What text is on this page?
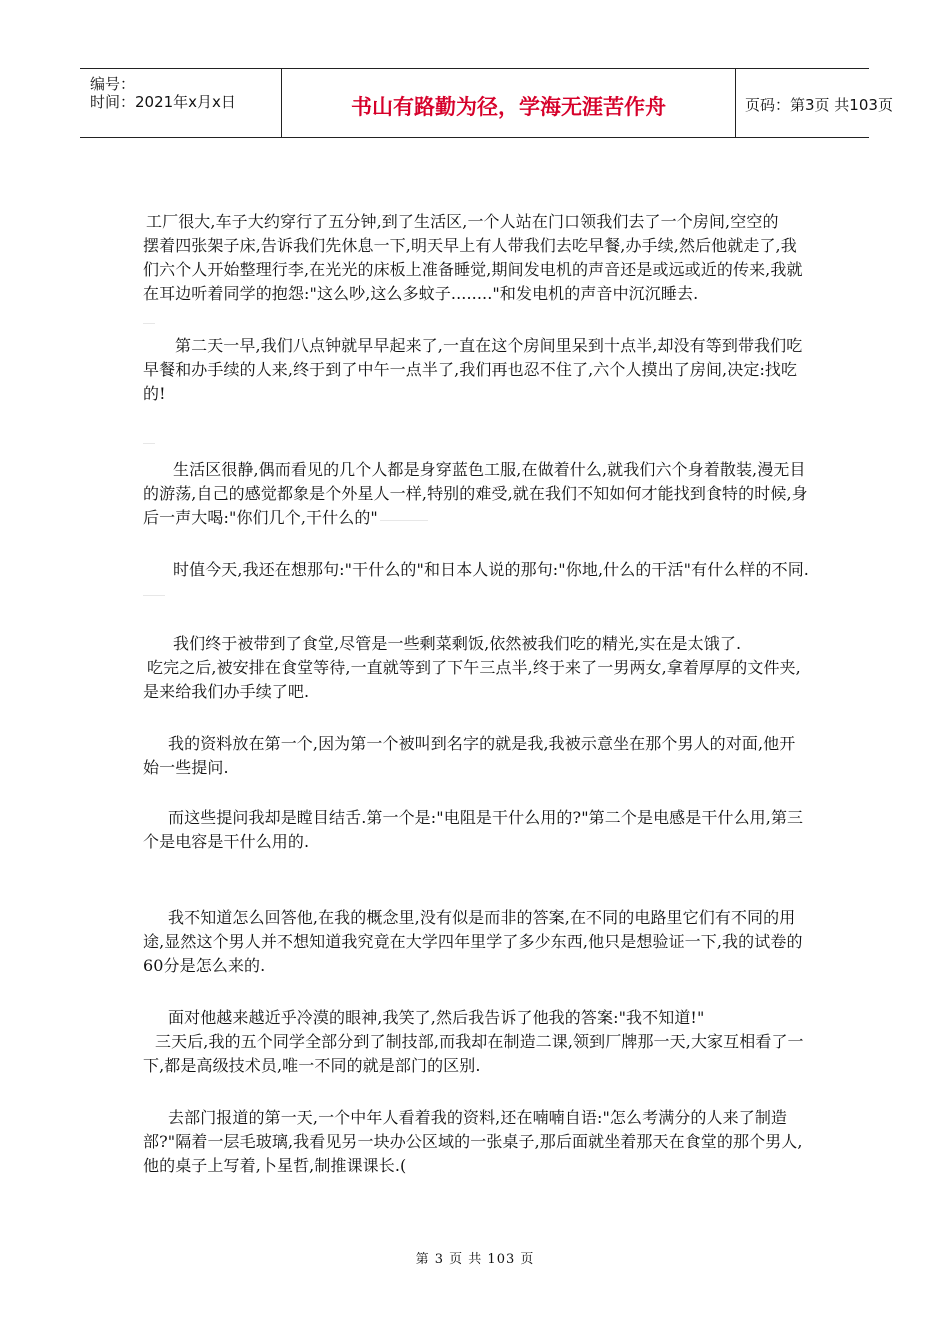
编号：
时间：2021年x月x日	书山有路勤为径，学海无涯苦作舟	页码：第3页 共103页
工厂很大,车子大约穿行了五分钟,到了生活区,一个人站在门口领我们去了一个房间,空空的
摆着四张架子床,告诉我们先休息一下,明天早上有人带我们去吃早餐,办手续,然后他就走了,我
们六个人开始整理行李,在光光的床板上准备睡觉,期间发电机的声音还是或远或近的传来,我就
在耳边听着同学的抱怨:"这么吵,这么多蚊子........"和发电机的声音中沉沉睡去.
第二天一早,我们八点钟就早早起来了,一直在这个房间里呆到十点半,却没有等到带我们吃
早餐和办手续的人来,终于到了中午一点半了,我们再也忍不住了,六个人摸出了房间,决定:找吃
的!
生活区很静,偶而看见的几个人都是身穿蓝色工服,在做着什么,就我们六个身着散装,漫无目
的游荡,自己的感觉都象是个外星人一样,特别的难受,就在我们不知如何才能找到食特的时候,身
后一声大喝:"你们几个,干什么的"
时值今天,我还在想那句:"干什么的"和日本人说的那句:"你地,什么的干活"有什么样的不同.
我们终于被带到了食堂,尽管是一些剩菜剩饭,依然被我们吃的精光,实在是太饿了.
吃完之后,被安排在食堂等待,一直就等到了下午三点半,终于来了一男两女,拿着厚厚的文件夹,
是来给我们办手续了吧.
我的资料放在第一个,因为第一个被叫到名字的就是我,我被示意坐在那个男人的对面,他开
始一些提问.
而这些提问我却是瞠目结舌.第一个是:"电阻是干什么用的?"第二个是电感是干什么用,第三
个是电容是干什么用的.
我不知道怎么回答他,在我的概念里,没有似是而非的答案,在不同的电路里它们有不同的用
途,显然这个男人并不想知道我究竟在大学四年里学了多少东西,他只是想验证一下,我的试卷的
60分是怎么来的.
面对他越来越近乎冷漠的眼神,我笑了,然后我告诉了他我的答案:"我不知道!"
三天后,我的五个同学全部分到了制技部,而我却在制造二课,领到厂牌那一天,大家互相看了一
下,都是高级技术员,唯一不同的就是部门的区别.
去部门报道的第一天,一个中年人看着我的资料,还在喃喃自语:"怎么考满分的人来了制造
部?"隔着一层毛玻璃,我看见另一块办公区域的一张桌子,那后面就坐着那天在食堂的那个男人,
他的桌子上写着,卜星哲,制推课课长.(
第 3 页 共 103 页
